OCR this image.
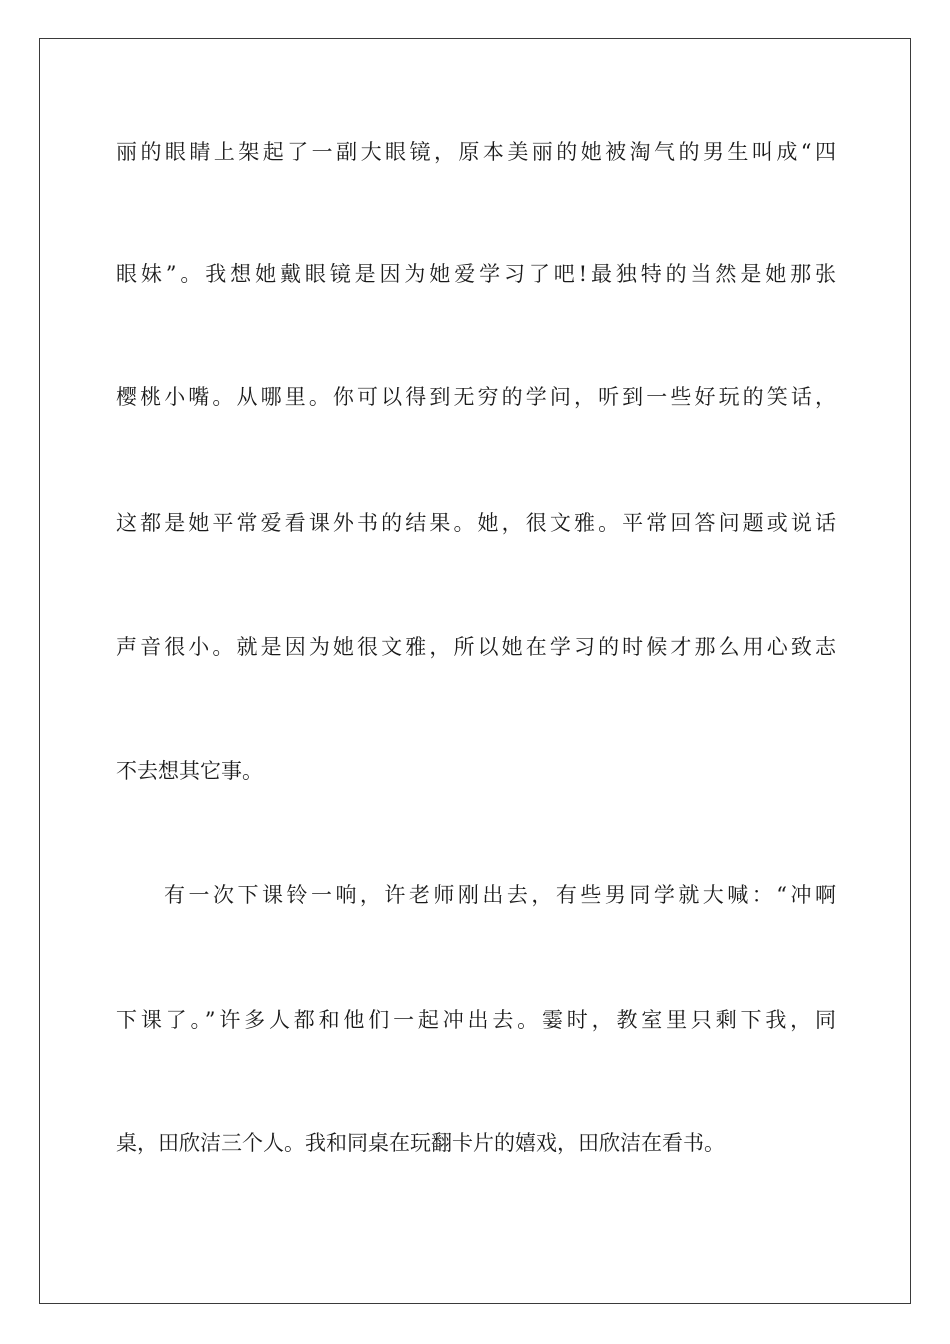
丽的眼睛上架起了一副大眼镜，原本美丽的她被淘气的男生叫成“四
眼妹”。我想她戴眼镜是因为她爱学习了吧!最独特的当然是她那张
樱桃小嘴。从哪里。你可以得到无穷的学问，听到一些好玩的笑话，
这都是她平常爱看课外书的结果。她，很文雅。平常回答问题或说话
声音很小。就是因为她很文雅，所以她在学习的时候才那么用心致志
不去想其它事。
有一次下课铃一响，许老师刚出去，有些男同学就大喊：“冲啊
下课了。”许多人都和他们一起冲出去。霎时，教室里只剩下我，同
桌，田欣洁三个人。我和同桌在玩翻卡片的嬉戏，田欣洁在看书。
